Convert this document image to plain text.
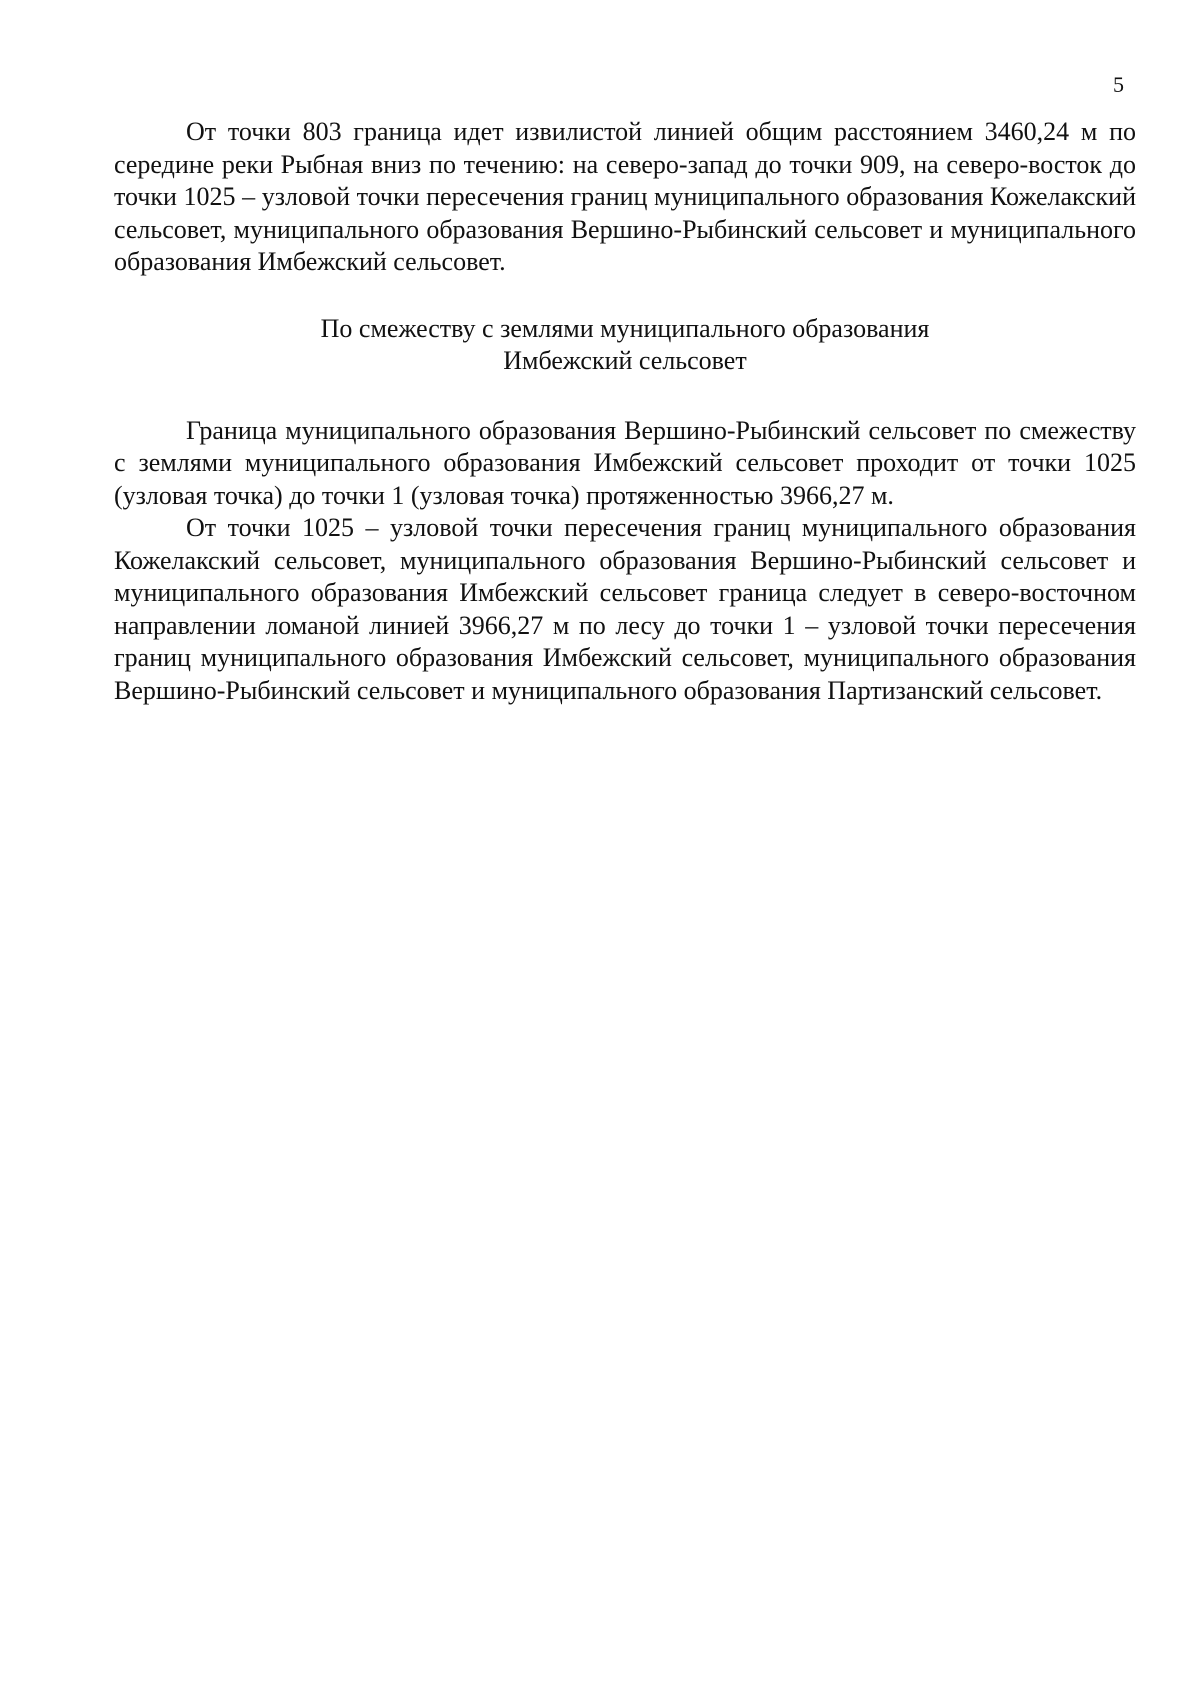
5

От точки 803 граница идет извилистой линией общим расстоянием 3460,24 м по середине реки Рыбная вниз по течению: на северо-запад до точки 909, на северо-восток до точки 1025 – узловой точки пересечения границ муниципального образования Кожелакский сельсовет, муниципального образования Вершино-Рыбинский сельсовет и муниципального образования Имбежский сельсовет.

По смежеству с землями муниципального образования
Имбежский сельсовет

Граница муниципального образования Вершино-Рыбинский сельсовет по смежеству с землями муниципального образования Имбежский сельсовет проходит от точки 1025 (узловая точка) до точки 1 (узловая точка) протяженностью 3966,27 м.

От точки 1025 – узловой точки пересечения границ муниципального образования Кожелакский сельсовет, муниципального образования Вершино-Рыбинский сельсовет и муниципального образования Имбежский сельсовет граница следует в северо-восточном направлении ломаной линией 3966,27 м по лесу до точки 1 – узловой точки пересечения границ муниципального образования Имбежский сельсовет, муниципального образования Вершино-Рыбинский сельсовет и муниципального образования Партизанский сельсовет.
